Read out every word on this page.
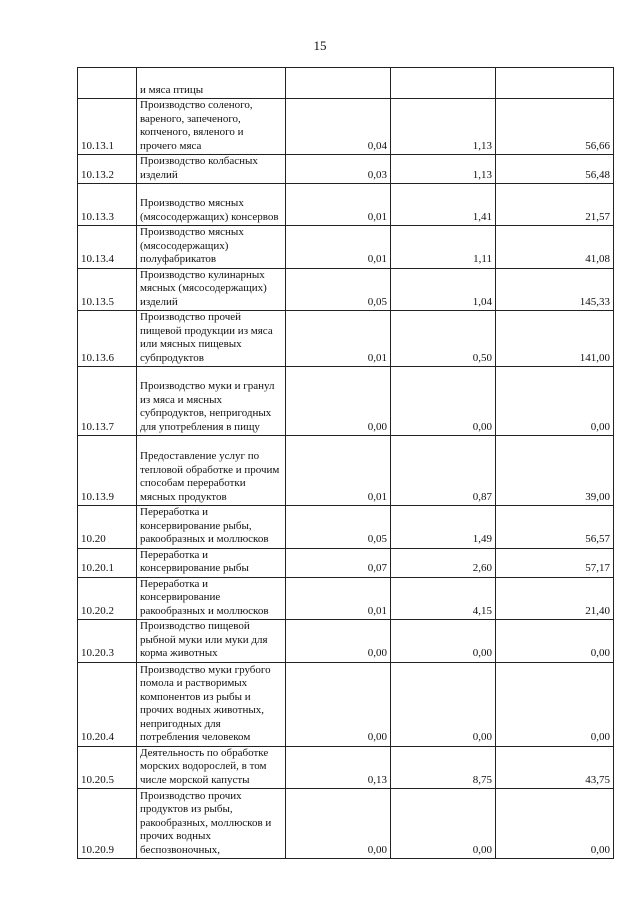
15
	и мяса птицы			
10.13.1	Производство соленого, вареного, запеченого, копченого, вяленого и прочего мяса	0,04	1,13	56,66
10.13.2	Производство колбасных изделий	0,03	1,13	56,48
10.13.3	Производство мясных (мясосодержащих) консервов	0,01	1,41	21,57
10.13.4	Производство мясных (мясосодержащих) полуфабрикатов	0,01	1,11	41,08
10.13.5	Производство кулинарных мясных (мясосодержащих) изделий	0,05	1,04	145,33
10.13.6	Производство прочей пищевой продукции из мяса или мясных пищевых субпродуктов	0,01	0,50	141,00
10.13.7	Производство муки и гранул из мяса и мясных субпродуктов, непригодных для употребления в пищу	0,00	0,00	0,00
10.13.9	Предоставление услуг по тепловой обработке и прочим способам переработки мясных продуктов	0,01	0,87	39,00
10.20	Переработка и консервирование рыбы, ракообразных и моллюсков	0,05	1,49	56,57
10.20.1	Переработка и консервирование рыбы	0,07	2,60	57,17
10.20.2	Переработка и консервирование ракообразных и моллюсков	0,01	4,15	21,40
10.20.3	Производство пищевой рыбной муки или муки для корма животных	0,00	0,00	0,00
10.20.4	Производство муки грубого помола и растворимых компонентов из рыбы и прочих водных животных, непригодных для потребления человеком	0,00	0,00	0,00
10.20.5	Деятельность по обработке морских водорослей, в том числе морской капусты	0,13	8,75	43,75
10.20.9	Производство прочих продуктов из рыбы, ракообразных, моллюсков и прочих водных беспозвоночных,	0,00	0,00	0,00
